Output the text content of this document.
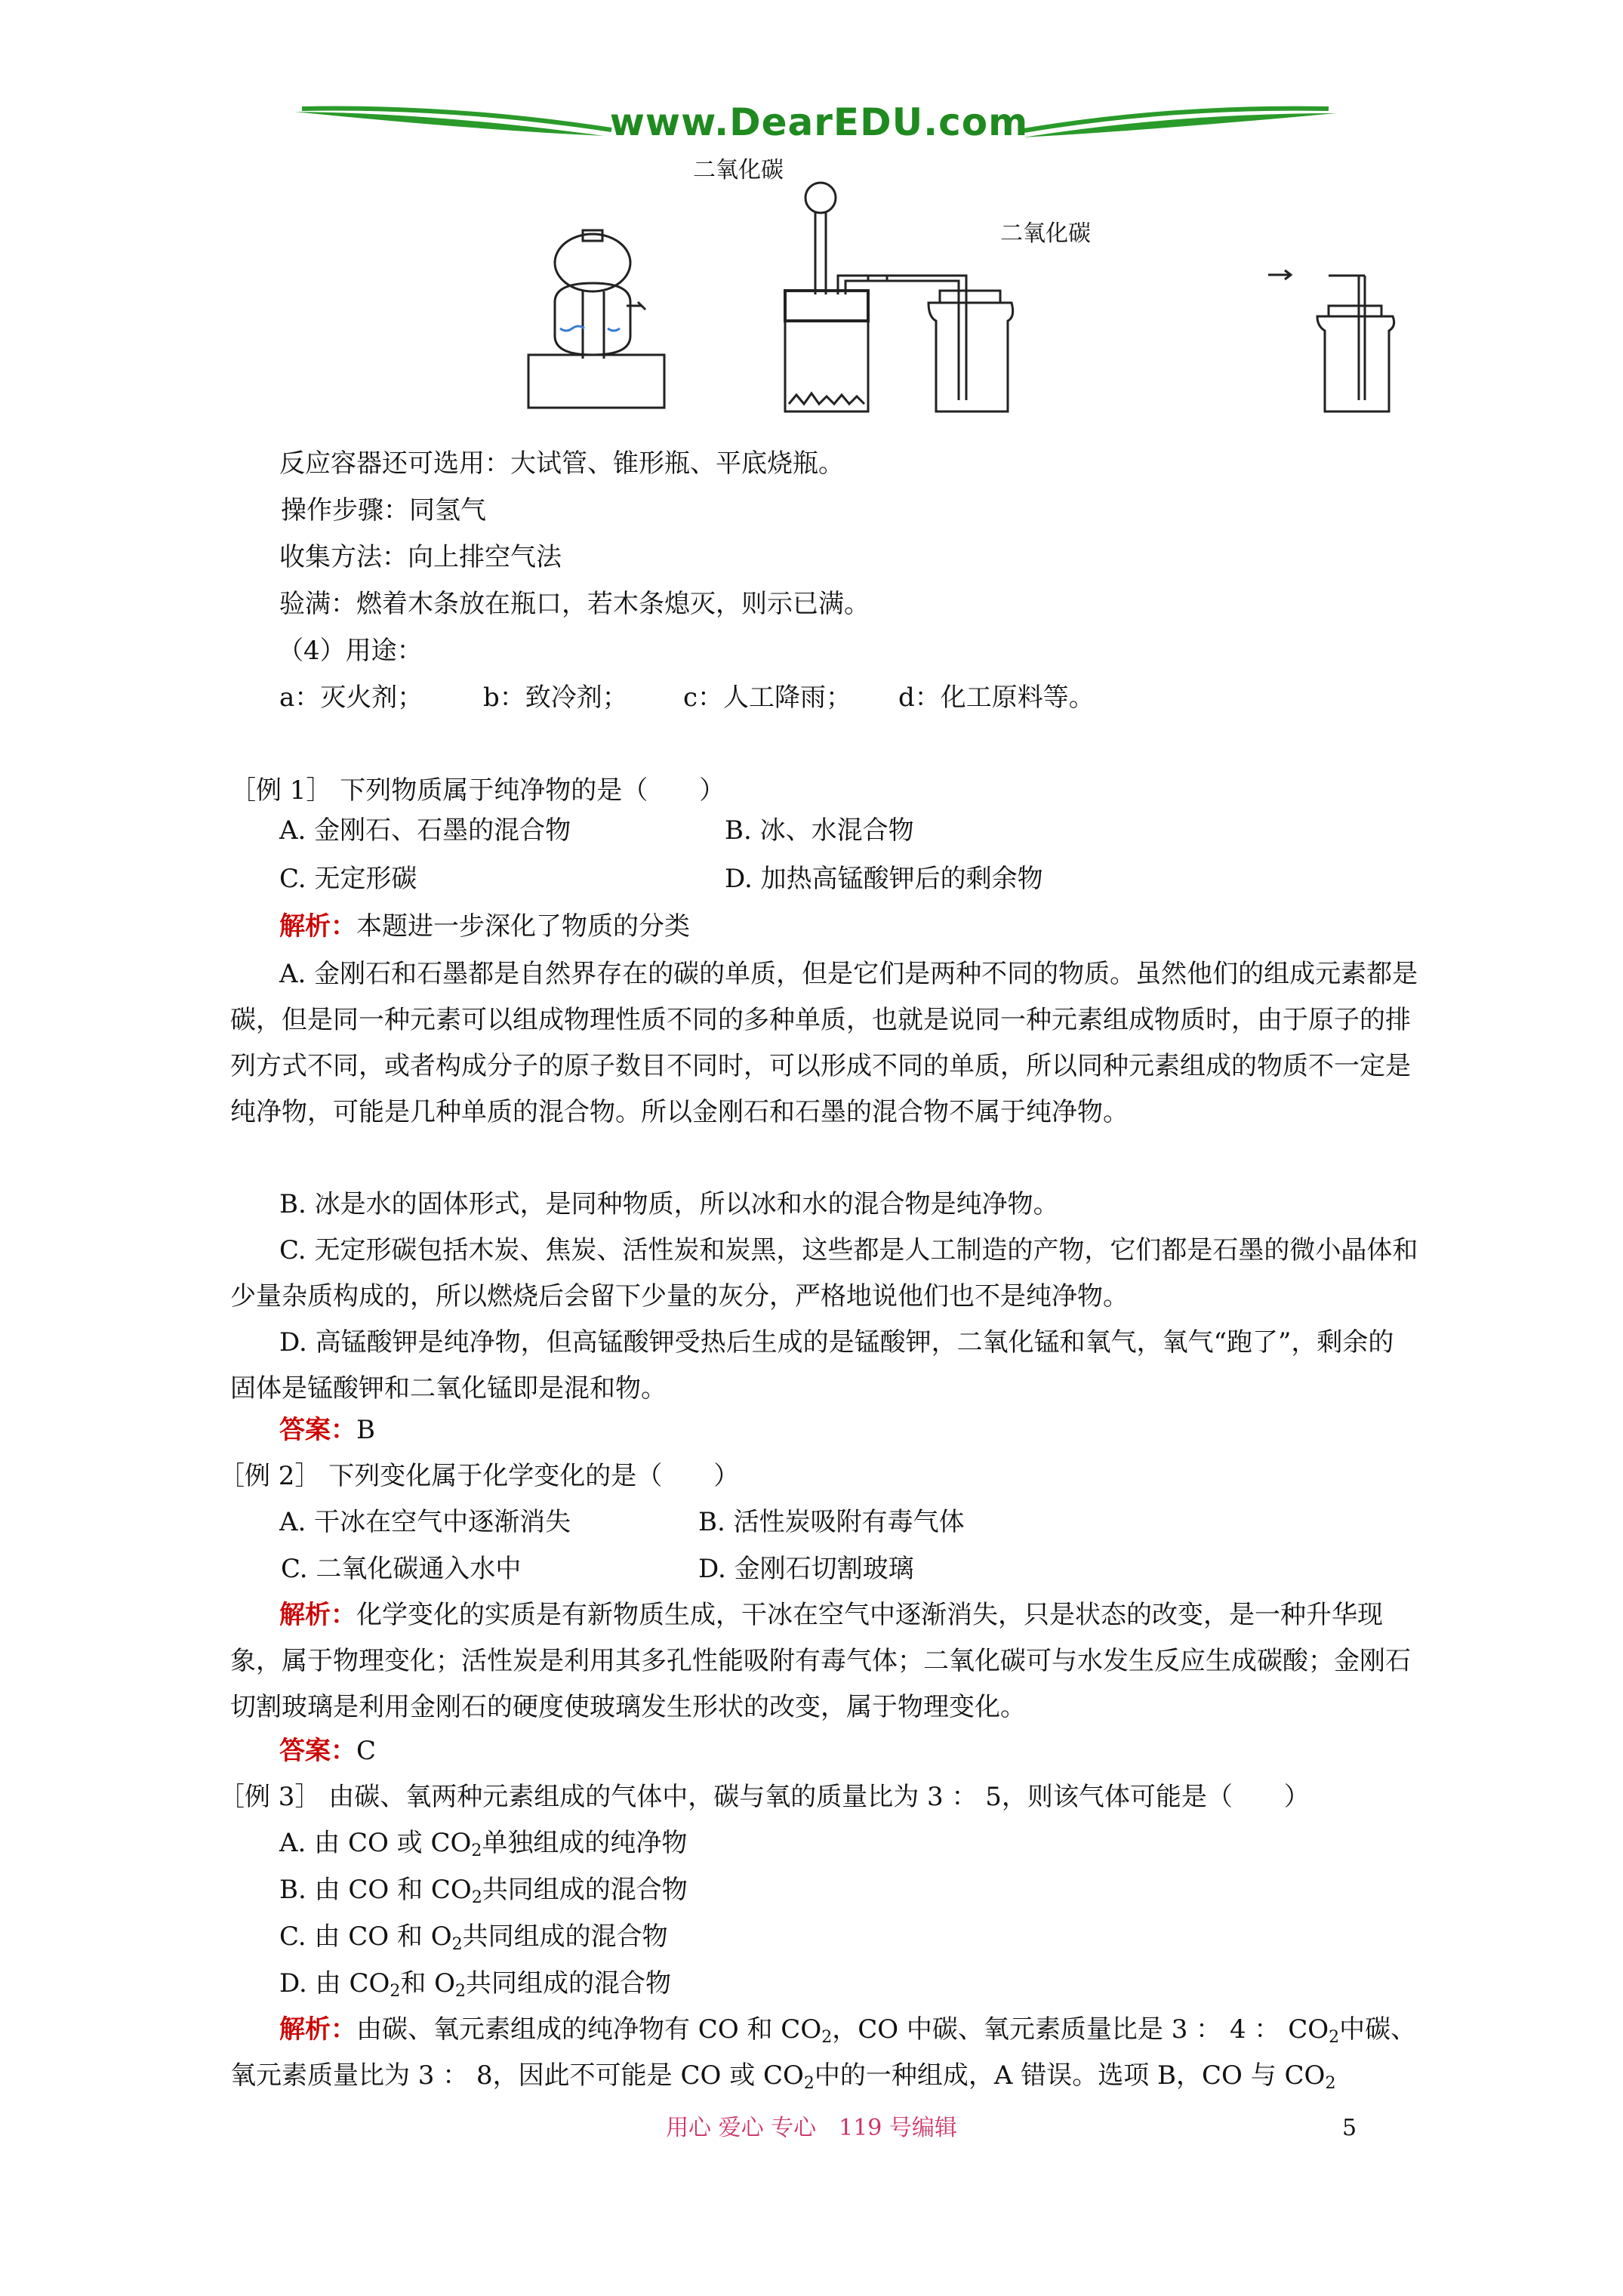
www.DearEDU.com
二氧化碳
二氧化碳
反应容器还可选用：大试管、锥形瓶、平底烧瓶。
操作步骤：同氢气
收集方法：向上排空气法
验满：燃着木条放在瓶口，若木条熄灭，则示已满。
（4）用途：
a：灭火剂； b：致冷剂； c：人工降雨； d：化工原料等。
［例 1］ 下列物质属于纯净物的是（　　）
A. 金刚石、石墨的混合物	B. 冰、水混合物
C. 无定形碳	D. 加热高锰酸钾后的剩余物
解析：本题进一步深化了物质的分类
A. 金刚石和石墨都是自然界存在的碳的单质，但是它们是两种不同的物质。虽然他们的组成元素都是碳，但是同一种元素可以组成物理性质不同的多种单质，也就是说同一种元素组成物质时，由于原子的排列方式不同，或者构成分子的原子数目不同时，可以形成不同的单质，所以同种元素组成的物质不一定是纯净物，可能是几种单质的混合物。所以金刚石和石墨的混合物不属于纯净物。
B. 冰是水的固体形式，是同种物质，所以冰和水的混合物是纯净物。
C. 无定形碳包括木炭、焦炭、活性炭和炭黑，这些都是人工制造的产物，它们都是石墨的微小晶体和少量杂质构成的，所以燃烧后会留下少量的灰分，严格地说他们也不是纯净物。
D. 高锰酸钾是纯净物，但高锰酸钾受热后生成的是锰酸钾，二氧化锰和氧气，氧气“跑了”，剩余的固体是锰酸钾和二氧化锰即是混和物。
答案：B
［例 2］ 下列变化属于化学变化的是（　　）
A. 干冰在空气中逐渐消失	B. 活性炭吸附有毒气体
C. 二氧化碳通入水中	D. 金刚石切割玻璃
解析：化学变化的实质是有新物质生成，干冰在空气中逐渐消失，只是状态的改变，是一种升华现象，属于物理变化；活性炭是利用其多孔性能吸附有毒气体；二氧化碳可与水发生反应生成碳酸；金刚石切割玻璃是利用金刚石的硬度使玻璃发生形状的改变，属于物理变化。
答案：C
［例 3］ 由碳、氧两种元素组成的气体中，碳与氧的质量比为 3 ： 5，则该气体可能是（　　）
A. 由 CO 或 $CO_2$单独组成的纯净物
B. 由 CO 和 $CO_2$共同组成的混合物
C. 由 CO 和 $O_2$共同组成的混合物
D. 由 $CO_2$和 $O_2$共同组成的混合物
解析：由碳、氧元素组成的纯净物有 CO 和 $CO_2$，CO 中碳、氧元素质量比是 3 ： 4 ： $CO_2$中碳、氧元素质量比为 3 ： 8，因此不可能是 CO 或 $CO_2$中的一种组成，A 错误。选项 B，CO 与 $CO_2$
用心 爱心 专心　119 号编辑	5
